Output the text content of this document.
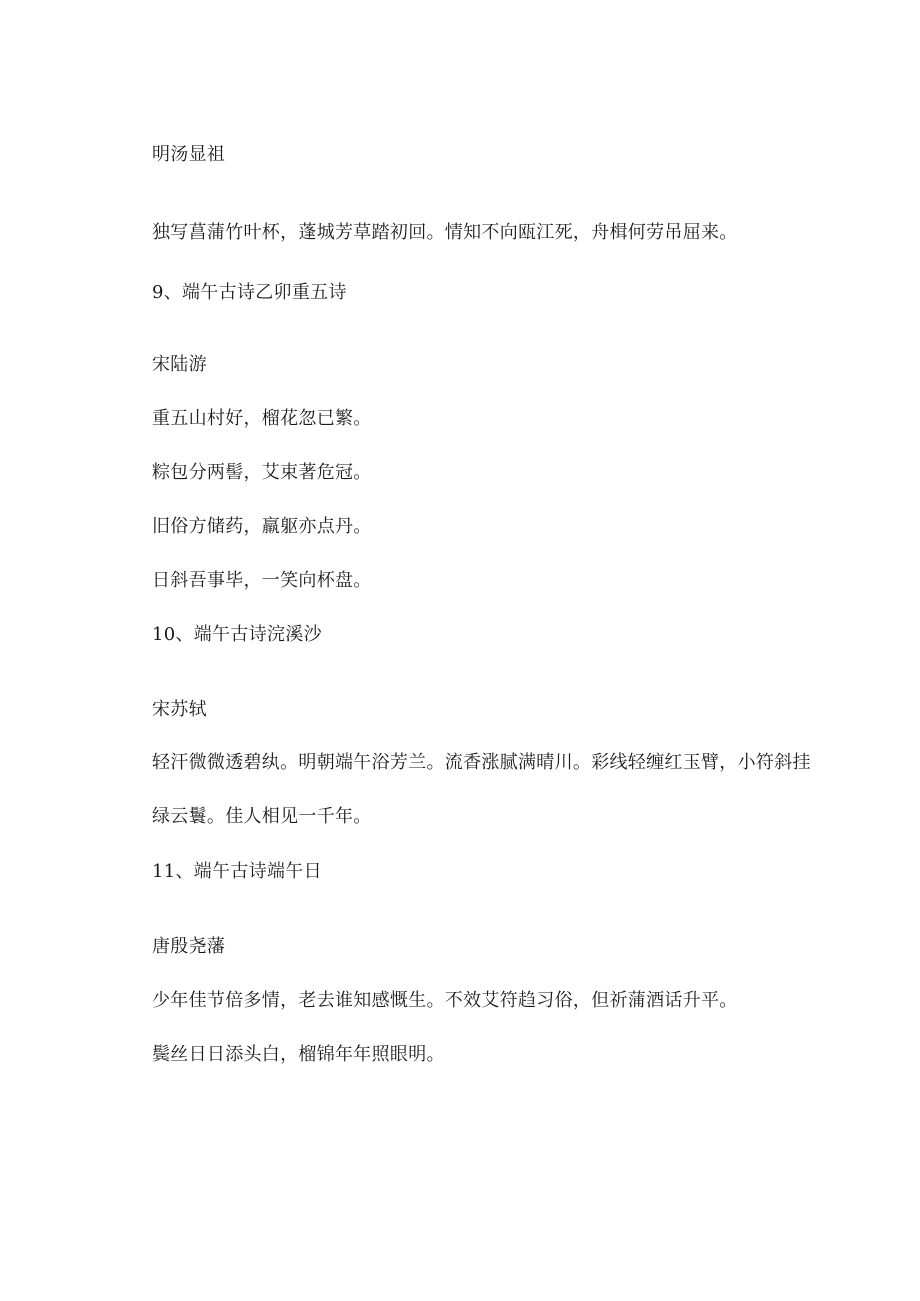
明汤显祖
独写菖蒲竹叶杯，蓬城芳草踏初回。情知不向瓯江死，舟楫何劳吊屈来。
9、端午古诗乙卯重五诗
宋陆游
重五山村好，榴花忽已繁。
粽包分两髻，艾束著危冠。
旧俗方储药，羸躯亦点丹。
日斜吾事毕，一笑向杯盘。
10、端午古诗浣溪沙
宋苏轼
轻汗微微透碧纨。明朝端午浴芳兰。流香涨腻满晴川。彩线轻缠红玉臂，小符斜挂
绿云鬟。佳人相见一千年。
11、端午古诗端午日
唐殷尧藩
少年佳节倍多情，老去谁知感慨生。不效艾符趋习俗，但祈蒲酒话升平。
鬓丝日日添头白，榴锦年年照眼明。
